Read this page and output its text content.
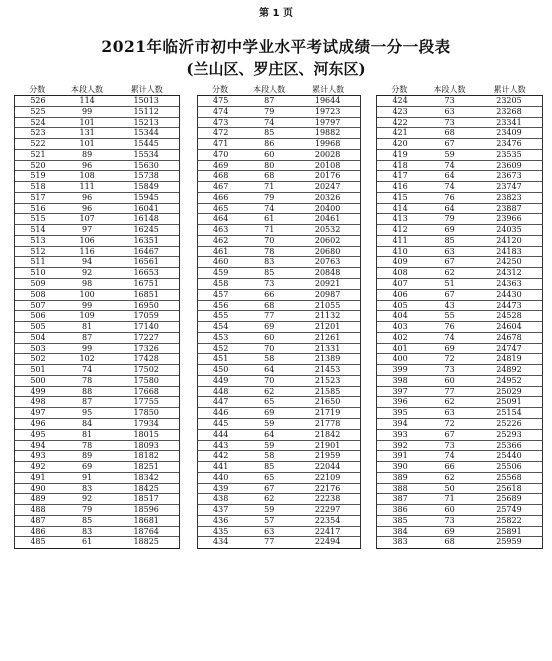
第 1 页
2021年临沂市初中学业水平考试成绩一分一段表
(兰山区、罗庄区、河东区)
分数	本段人数	累计人数
526	114	15013
525	99	15112
524	101	15213
523	131	15344
522	101	15445
521	89	15534
520	96	15630
519	108	15738
518	111	15849
517	96	15945
516	96	16041
515	107	16148
514	97	16245
513	106	16351
512	116	16467
511	94	16561
510	92	16653
509	98	16751
508	100	16851
507	99	16950
506	109	17059
505	81	17140
504	87	17227
503	99	17326
502	102	17428
501	74	17502
500	78	17580
499	88	17668
498	87	17755
497	95	17850
496	84	17934
495	81	18015
494	78	18093
493	89	18182
492	69	18251
491	91	18342
490	83	18425
489	92	18517
488	79	18596
487	85	18681
486	83	18764
485	61	18825
分数	本段人数	累计人数
475	87	19644
474	79	19723
473	74	19797
472	85	19882
471	86	19968
470	60	20028
469	80	20108
468	68	20176
467	71	20247
466	79	20326
465	74	20400
464	61	20461
463	71	20532
462	70	20602
461	78	20680
460	83	20763
459	85	20848
458	73	20921
457	66	20987
456	68	21055
455	77	21132
454	69	21201
453	60	21261
452	70	21331
451	58	21389
450	64	21453
449	70	21523
448	62	21585
447	65	21650
446	69	21719
445	59	21778
444	64	21842
443	59	21901
442	58	21959
441	85	22044
440	65	22109
439	67	22176
438	62	22238
437	59	22297
436	57	22354
435	63	22417
434	77	22494
分数	本段人数	累计人数
424	73	23205
423	63	23268
422	73	23341
421	68	23409
420	67	23476
419	59	23535
418	74	23609
417	64	23673
416	74	23747
415	76	23823
414	64	23887
413	79	23966
412	69	24035
411	85	24120
410	63	24183
409	67	24250
408	62	24312
407	51	24363
406	67	24430
405	43	24473
404	55	24528
403	76	24604
402	74	24678
401	69	24747
400	72	24819
399	73	24892
398	60	24952
397	77	25029
396	62	25091
395	63	25154
394	72	25226
393	67	25293
392	73	25366
391	74	25440
390	66	25506
389	62	25568
388	50	25618
387	71	25689
386	60	25749
385	73	25822
384	69	25891
383	68	25959
